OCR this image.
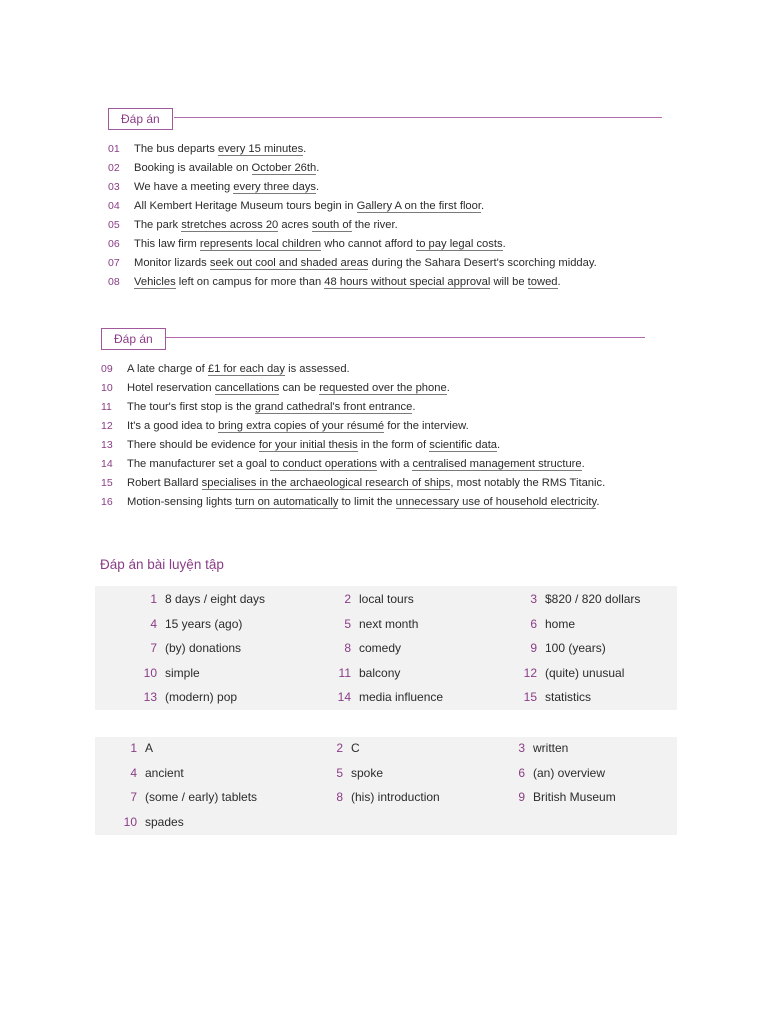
Đáp án
01 The bus departs every 15 minutes.
02 Booking is available on October 26th.
03 We have a meeting every three days.
04 All Kembert Heritage Museum tours begin in Gallery A on the first floor.
05 The park stretches across 20 acres south of the river.
06 This law firm represents local children who cannot afford to pay legal costs.
07 Monitor lizards seek out cool and shaded areas during the Sahara Desert's scorching midday.
08 Vehicles left on campus for more than 48 hours without special approval will be towed.
Đáp án
09 A late charge of £1 for each day is assessed.
10 Hotel reservation cancellations can be requested over the phone.
11 The tour's first stop is the grand cathedral's front entrance.
12 It's a good idea to bring extra copies of your résumé for the interview.
13 There should be evidence for your initial thesis in the form of scientific data.
14 The manufacturer set a goal to conduct operations with a centralised management structure.
15 Robert Ballard specialises in the archaeological research of ships, most notably the RMS Titanic.
16 Motion-sensing lights turn on automatically to limit the unnecessary use of household electricity.
Đáp án bài luyện tập
1 8 days / eight days	2 local tours	3 $820 / 820 dollars
4 15 years (ago)	5 next month	6 home
7 (by) donations	8 comedy	9 100 (years)
10 simple	11 balcony	12 (quite) unusual
13 (modern) pop	14 media influence	15 statistics
1 A	2 C	3 written
4 ancient	5 spoke	6 (an) overview
7 (some / early) tablets	8 (his) introduction	9 British Museum
10 spades
